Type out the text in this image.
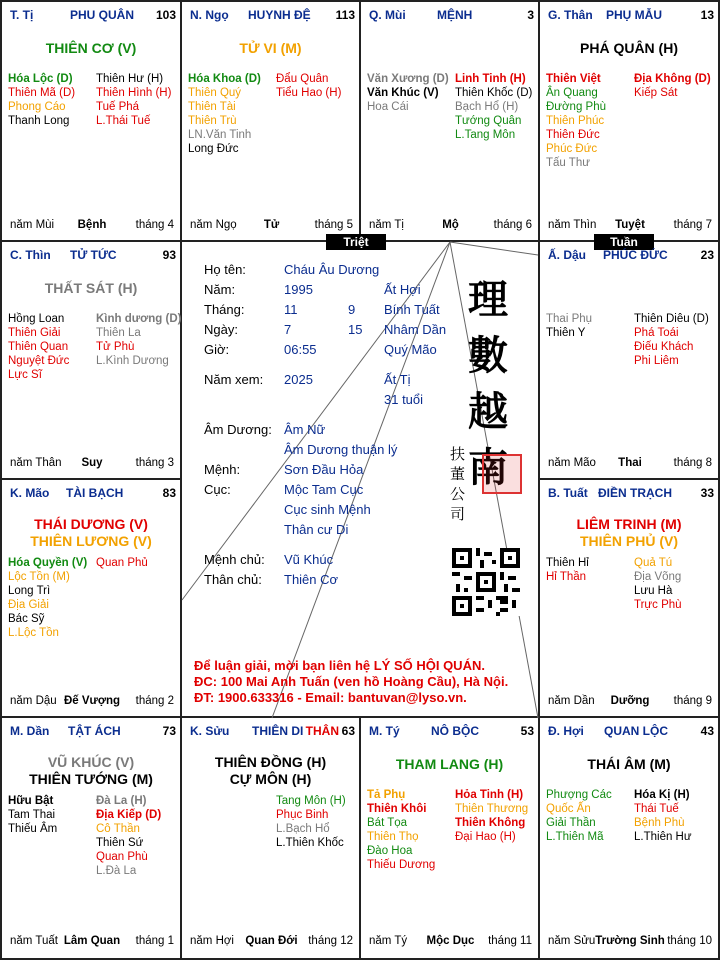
Triệt	Tuần
T. Tị	PHU QUÂN 103
THIÊN CƠ (V)
Hóa Lộc (D)
Thiên Mã (D)
Phong Cáo
Thanh Long
Thiên Hư (H)
Thiên Hình (H)
Tuế Phá
L.Thái Tuế
năm Mùi	Bệnh	tháng 4
N. Ngọ HUYNH ĐỆ 113
TỬ VI (M)
Hóa Khoa (D)
Thiên Quý
Thiên Tài
Thiên Trù
LN.Văn Tinh
Long Đức
Đẩu Quân
Tiểu Hao (H)
năm Ngọ	Tử	tháng 5
Q. Mùi	MỆNH	3
Văn Xương (D)
Văn Khúc (V)
Hoa Cái
Linh Tinh (H)
Thiên Khốc (D)
Bạch Hổ (H)
Tướng Quân
L.Tang Môn
năm Tị	Mộ	tháng 6
G. Thân PHỤ MẪU	13
PHÁ QUÂN (H)
Thiên Việt
Ân Quang
Đường Phù
Thiên Phúc
Thiên Đức
Phúc Đức
Tấu Thư
Địa Không (D)
Kiếp Sát
năm Thìn	Tuyệt	tháng 7
C. Thìn TỬ TỨC	93
THẤT SÁT (H)
Hồng Loan
Thiên Giải
Thiên Quan
Nguyệt Đức
Lực Sĩ
Kình dương (D)
Thiên La
Tử Phù
L.Kình Dương
năm Thân	Suy	tháng 3
Ấ. Dậu PHÚC ĐỨC	23
Thai Phụ
Thiên Y
Thiên Diêu (D)
Phá Toái
Điếu Khách
Phi Liêm
năm Mão	Thai	tháng 8
K. Mão TÀI BẠCH	83
THÁI DƯƠNG (V)
THIÊN LƯƠNG (V)
Hóa Quyền (V)
Lộc Tồn (M)
Long Trì
Địa Giải
Bác Sỹ
L.Lộc Tồn
Quan Phủ
năm Dậu Đế Vượng	tháng 2
B. Tuất ĐIỀN TRẠCH 33
LIÊM TRINH (M)
THIÊN PHỦ (V)
Thiên Hỉ
Hỉ Thần
Quả Tú
Địa Võng
Lưu Hà
Trực Phù
năm Dần	Dưỡng	tháng 9
M. Dần TẬT ÁCH	73
VŨ KHÚC (V)
THIÊN TƯỚNG (M)
Hữu Bật
Tam Thai
Thiếu Âm
Đà La (H)
Địa Kiếp (D)
Cô Thần
Thiên Sứ
Quan Phù
L.Đà La
năm Tuất Lâm Quan	tháng 1
K. Sửu THIÊN DI THÂN 63
THIÊN ĐỒNG (H)
CỰ MÔN (H)
Tang Môn (H)
Phục Binh
L.Bạch Hổ
L.Thiên Khốc
năm Hợi Quan Đới tháng 12
M. Tý	NÔ BỘC	53
THAM LANG (H)
Tả Phụ
Thiên Khôi
Bát Tọa
Thiên Thọ
Đào Hoa
Thiếu Dương
Hỏa Tinh (H)
Thiên Thương
Thiên Không
Đại Hao (H)
năm Tý	Mộc Dục	tháng 11
Đ. Hợi QUAN LỘC	43
THÁI ÂM (M)
Phượng Các
Quốc Ấn
Giải Thần
L.Thiên Mã
Hóa Kị (H)
Thái Tuế
Bệnh Phù
L.Thiên Hư
năm Sửu Trường Sinh tháng 10
Họ tên:	Cháu Âu Dương
Năm:	1995	Ất Hợi
Tháng:	11	9 Bính Tuất
Ngày:	7	15 Nhâm Dần
Giờ:	06:55	Quý Mão
Năm xem: 2025	Ất Tị
31 tuổi
Âm Dương: Âm Nữ
Âm Dương thuận lý
Mệnh:	Sơn Đầu Hỏa
Cục:	Mộc Tam Cục
Cục sinh Mệnh
Thân cư Di
Mệnh chủ: Vũ Khúc
Thân chủ: Thiên Cơ
理
數
越
南
扶
董
公
司
Để luận giải, mời bạn liên hệ LÝ SỐ HỘI QUÁN.
ĐC: 100 Mai Anh Tuấn (ven hồ Hoàng Cầu), Hà Nội.
ĐT: 1900.633316 - Email: bantuvan@lyso.vn.
